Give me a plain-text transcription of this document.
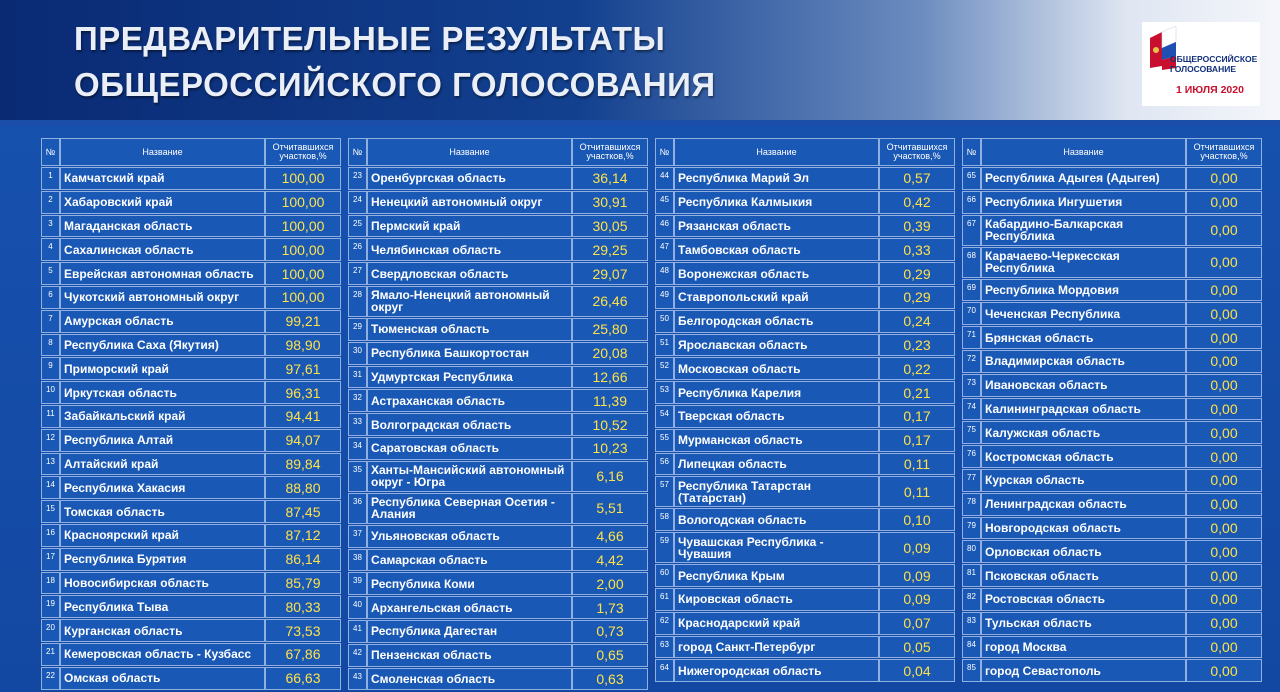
ПРЕДВАРИТЕЛЬНЫЕ РЕЗУЛЬТАТЫ
ОБЩЕРОССИЙСКОГО ГОЛОСОВАНИЯ
ОБЩЕРОССИЙСКОЕ
ГОЛОСОВАНИЕ
1 ИЮЛЯ 2020
№	Название	Отчитавшихся участков,%
1 Камчатский край	100,00
2 Хабаровский край	100,00
3 Магаданская область	100,00
4 Сахалинская область	100,00
5 Еврейская автономная область	100,00
6 Чукотский автономный округ	100,00
7 Амурская область	99,21
8 Республика Саха (Якутия)	98,90
9 Приморский край	97,61
10 Иркутская область	96,31
11 Забайкальский край	94,41
12 Республика Алтай	94,07
13 Алтайский край	89,84
14 Республика Хакасия	88,80
15 Томская область	87,45
16 Красноярский край	87,12
17 Республика Бурятия	86,14
18 Новосибирская область	85,79
19 Республика Тыва	80,33
20 Курганская область	73,53
21 Кемеровская область - Кузбасс	67,86
22 Омская область	66,63
№	Название	Отчитавшихся участков,%
23 Оренбургская область	36,14
24 Ненецкий автономный округ	30,91
25 Пермский край	30,05
26 Челябинская область	29,25
27 Свердловская область	29,07
28 Ямало-Ненецкий автономный округ	26,46
29 Тюменская область	25,80
30 Республика Башкортостан	20,08
31 Удмуртская Республика	12,66
32 Астраханская область	11,39
33 Волгоградская область	10,52
34 Саратовская область	10,23
35 Ханты-Мансийский автономный округ - Югра	6,16
36 Республика Северная Осетия - Алания	5,51
37 Ульяновская область	4,66
38 Самарская область	4,42
39 Республика Коми	2,00
40 Архангельская область	1,73
41 Республика Дагестан	0,73
42 Пензенская область	0,65
43 Смоленская область	0,63
№	Название	Отчитавшихся участков,%
44 Республика Марий Эл	0,57
45 Республика Калмыкия	0,42
46 Рязанская область	0,39
47 Тамбовская область	0,33
48 Воронежская область	0,29
49 Ставропольский край	0,29
50 Белгородская область	0,24
51 Ярославская область	0,23
52 Московская область	0,22
53 Республика Карелия	0,21
54 Тверская область	0,17
55 Мурманская область	0,17
56 Липецкая область	0,11
57 Республика Татарстан (Татарстан)	0,11
58 Вологодская область	0,10
59 Чувашская Республика - Чувашия	0,09
60 Республика Крым	0,09
61 Кировская область	0,09
62 Краснодарский край	0,07
63 город Санкт-Петербург	0,05
64 Нижегородская область	0,04
№	Название	Отчитавшихся участков,%
65 Республика Адыгея (Адыгея)	0,00
66 Республика Ингушетия	0,00
67 Кабардино-Балкарская Республика	0,00
68 Карачаево-Черкесская Республика	0,00
69 Республика Мордовия	0,00
70 Чеченская Республика	0,00
71 Брянская область	0,00
72 Владимирская область	0,00
73 Ивановская область	0,00
74 Калининградская область	0,00
75 Калужская область	0,00
76 Костромская область	0,00
77 Курская область	0,00
78 Ленинградская область	0,00
79 Новгородская область	0,00
80 Орловская область	0,00
81 Псковская область	0,00
82 Ростовская область	0,00
83 Тульская область	0,00
84 город Москва	0,00
85 город Севастополь	0,00
